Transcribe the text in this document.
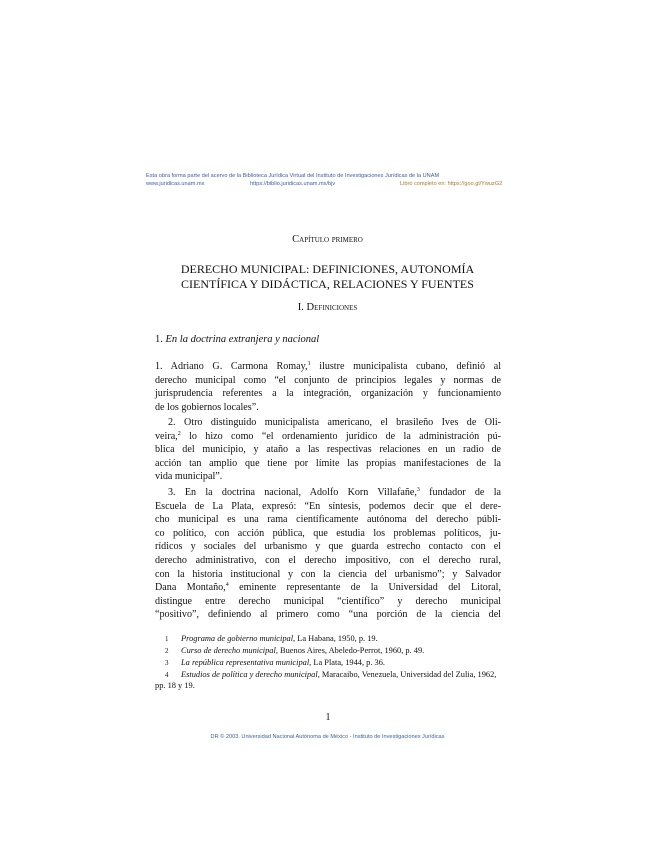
Esta obra forma parte del acervo de la Biblioteca Jurídica Virtual del Instituto de Investigaciones Jurídicas de la UNAM
www.juridicas.unam.mx	https://biblio.juridicas.unam.mx/bjv	Libro completo en: https://goo.gl/YwuzG2
Capítulo primero
DERECHO MUNICIPAL: DEFINICIONES, AUTONOMÍA
CIENTÍFICA Y DIDÁCTICA, RELACIONES Y FUENTES
I. Definiciones
1. En la doctrina extranjera y nacional
1. Adriano G. Carmona Romay,$^1$ ilustre municipalista cubano, definió al
derecho municipal como “el conjunto de principios legales y normas de
jurisprudencia referentes a la integración, organización y funcionamiento
de los gobiernos locales”.
2. Otro distinguido municipalista americano, el brasileño Ives de Oli-
veira,$^2$ lo hizo como “el ordenamiento jurídico de la administración pú-
blica del municipio, y ataño a las respectivas relaciones en un radio de
acción tan amplio que tiene por límite las propias manifestaciones de la
vida municipal”.
3. En la doctrina nacional, Adolfo Korn Villafañe,$^3$ fundador de la
Escuela de La Plata, expresó: “En síntesis, podemos decir que el dere-
cho municipal es una rama científicamente autónoma del derecho públi-
co político, con acción pública, que estudia los problemas políticos, ju-
rídicos y sociales del urbanismo y que guarda estrecho contacto con el
derecho administrativo, con el derecho impositivo, con el derecho rural,
con la historia institucional y con la ciencia del urbanismo”; y Salvador
Dana Montaño,$^4$ eminente representante de la Universidad del Litoral,
distingue entre derecho municipal “científico” y derecho municipal
“positivo”, definiendo al primero como “una porción de la ciencia del
1 Programa de gobierno municipal, La Habana, 1950, p. 19.
2 Curso de derecho municipal, Buenos Aires, Abeledo-Perrot, 1960, p. 49.
3 La república representativa municipal, La Plata, 1944, p. 36.
4 Estudios de política y derecho municipal, Maracaibo, Venezuela, Universidad del Zulia, 1962, pp. 18 y 19.
1
DR © 2003. Universidad Nacional Autónoma de México - Instituto de Investigaciones Jurídicas
